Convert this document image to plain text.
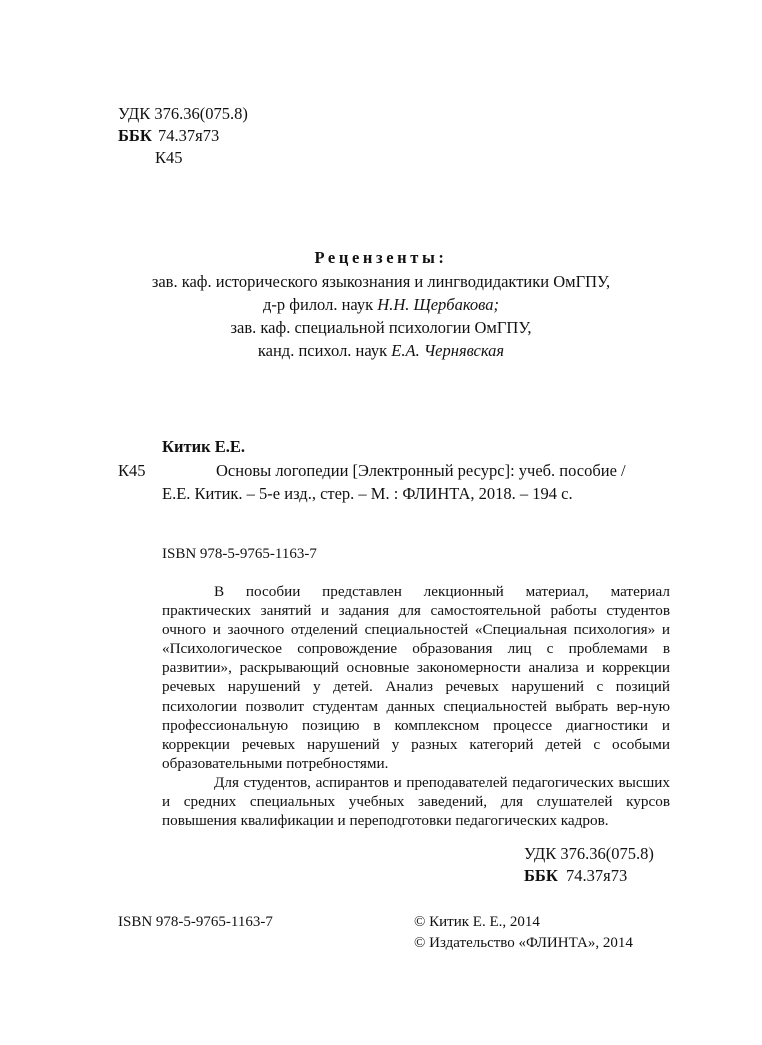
УДК 376.36(075.8)
ББК 74.37я73
К45
Рецензенты:
зав. каф. исторического языкознания и лингводидактики ОмГПУ,
д-р филол. наук Н.Н. Щербакова;
зав. каф. специальной психологии ОмГПУ,
канд. психол. наук Е.А. Чернявская
Китик Е.Е.
К45	Основы логопедии [Электронный ресурс]: учеб. пособие /
Е.Е. Китик. – 5-е изд., стер. – М. : ФЛИНТА, 2018. – 194 с.
ISBN 978-5-9765-1163-7

В пособии представлен лекционный материал, материал практических занятий и задания для самостоятельной работы студентов очного и заочного отделений специальностей «Специальная психология» и «Психологическое сопровождение образования лиц с проблемами в развитии», раскрывающий основные закономерности анализа и коррекции речевых нарушений у детей. Анализ речевых нарушений с позиций психологии позволит студентам данных специальностей выбрать вер-ную профессиональную позицию в комплексном процессе диагностики и коррекции речевых нарушений у разных категорий детей с особыми образовательными потребностями.

Для студентов, аспирантов и преподавателей педагогических высших и средних специальных учебных заведений, для слушателей курсов повышения квалификации и переподготовки педагогических кадров.

УДК 376.36(075.8)
ББК 74.37я73
ISBN 978-5-9765-1163-7	© Китик Е. Е., 2014
© Издательство «ФЛИНТА», 2014
